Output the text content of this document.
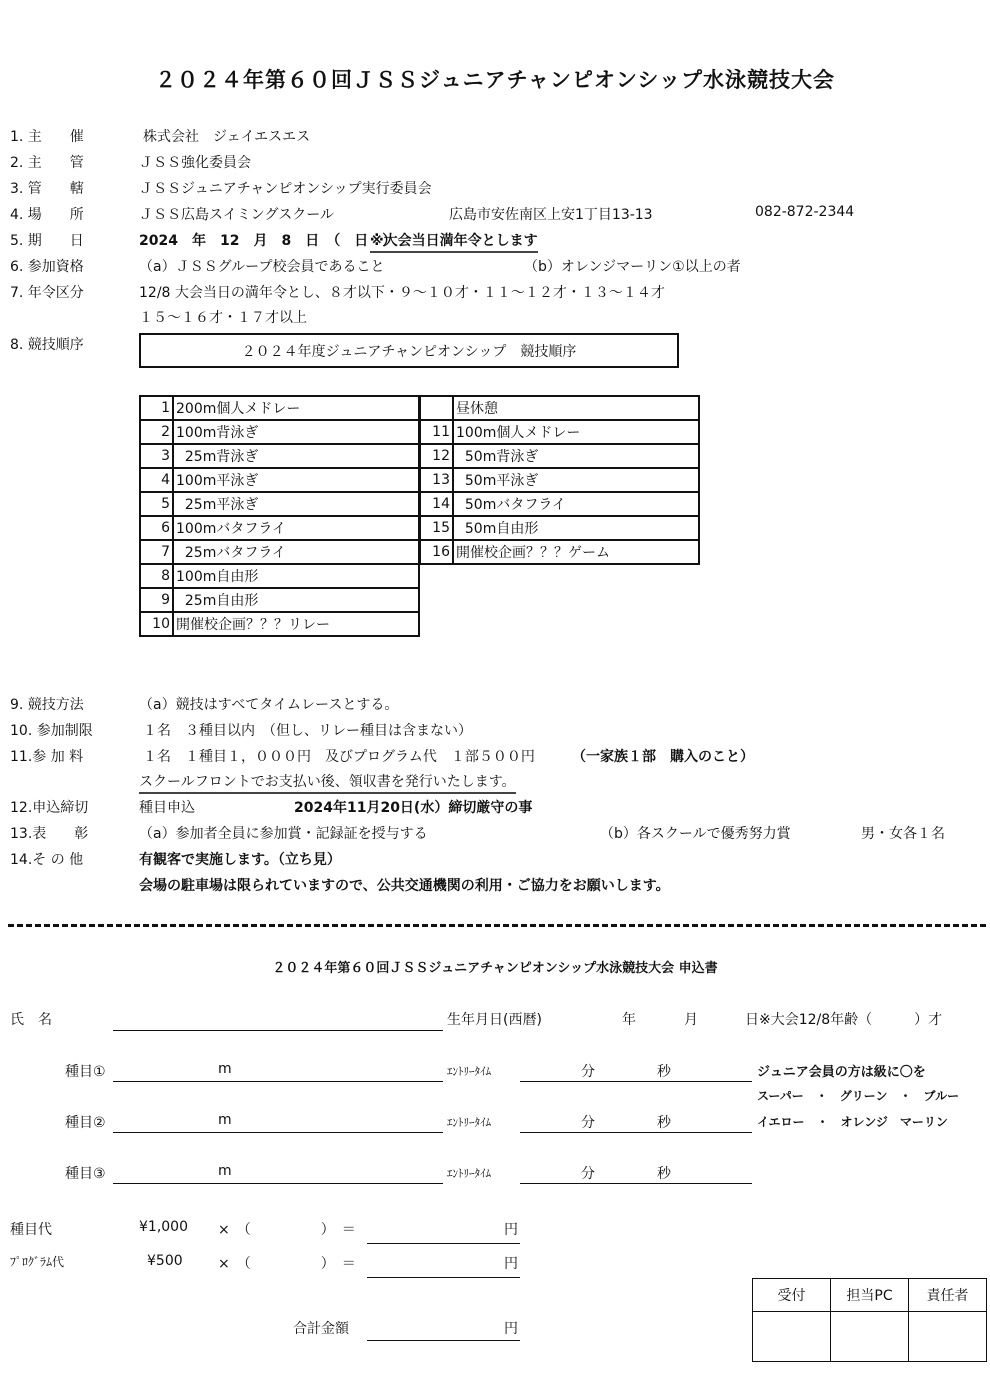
２０２４年第６０回ＪＳＳジュニアチャンピオンシップ水泳競技大会
1. 主　　催	株式会社　ジェイエスエス
2. 主　　管	ＪＳＳ強化委員会
3. 管　　轄	ＪＳＳジュニアチャンピオンシップ実行委員会
4. 場　　所	ＪＳＳ広島スイミングスクール	広島市安佐南区上安1丁目13-13	082-872-2344
5. 期　　日	2024　年　12　月　8　日　（　日　）
※大会当日満年令とします
6. 参加資格	（a）ＪＳＳグループ校会員であること	（b）オレンジマーリン①以上の者
7. 年令区分	12/8 大会当日の満年令とし、８才以下・９～１０才・１１～１２才・１３～１４才
１５～１６才・１７才以上
8. 競技順序	２０２４年度ジュニアチャンピオンシップ　競技順序
1	200m個人メドレー
2	100m背泳ぎ
3	25m背泳ぎ
4	100m平泳ぎ
5	25m平泳ぎ
6	100mバタフライ
7	25mバタフライ
8	100m自由形
9	25m自由形
10	開催校企画？？？リレー
	昼休憩
11	100m個人メドレー
12	50m背泳ぎ
13	50m平泳ぎ
14	50mバタフライ
15	50m自由形
16	開催校企画？？？ゲーム
9. 競技方法	（a）競技はすべてタイムレースとする。
10. 参加制限	１名　３種目以内　（但し、リレー種目は含まない）
11.参 加 料	１名　１種目１，０００円　及びプログラム代　１部５００円	（一家族１部　購入のこと）
スクールフロントでお支払い後、領収書を発行いたします。
12.申込締切	種目申込	2024年11月20日(水）締切厳守の事
13.表　　彰	（a）参加者全員に参加賞・記録証を授与する	（b）各スクールで優秀努力賞	男・女各１名
14.そ の 他	有観客で実施します。（立ち見）
会場の駐車場は限られていますので、公共交通機関の利用・ご協力をお願いします。
２０２４年第６０回ＪＳＳジュニアチャンピオンシップ水泳競技大会 申込書
氏　名	生年月日(西暦)	年	月	日※大会12/8年齢（　　　）才
種目①	m	ｴﾝﾄﾘｰﾀｲﾑ	分	秒
種目②	m	ｴﾝﾄﾘｰﾀｲﾑ	分	秒
種目③	m	ｴﾝﾄﾘｰﾀｲﾑ	分	秒
ジュニア会員の方は級に〇を
スーパー　・　グリーン　・　ブルー
イエロー　・　オレンジ　マーリン
種目代	¥1,000 ×　（　　　　　）　＝	円
ﾌﾟﾛｸﾞﾗﾑ代	¥500	×　（　　　　　）　＝	円
合計金額	円
受付	担当PC	責任者
